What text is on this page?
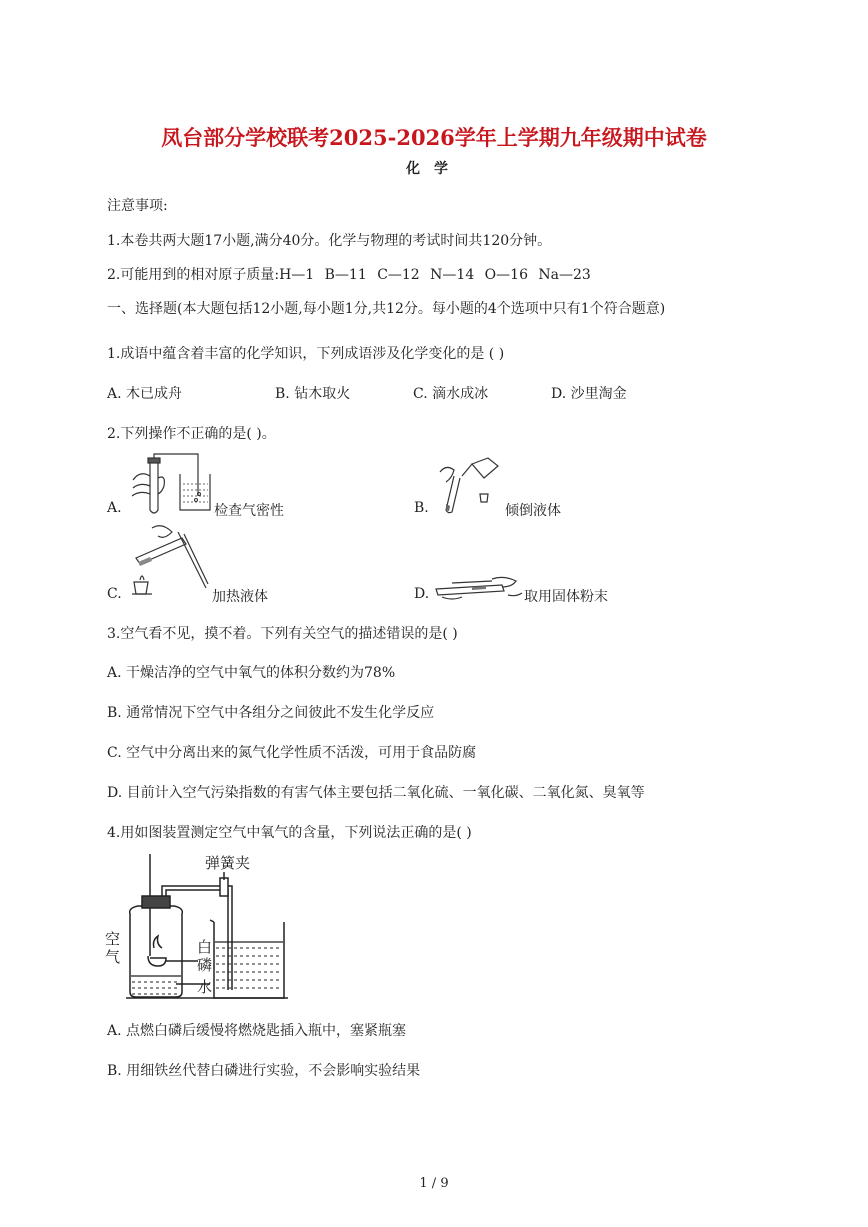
凤台部分学校联考2025-2026学年上学期九年级期中试卷
化学
注意事项:
1.本卷共两大题17小题,满分40分。化学与物理的考试时间共120分钟。
2.可能用到的相对原子质量:H—1 B—11 C—12 N—14 O—16 Na—23
一、选择题(本大题包括12小题,每小题1分,共12分。每小题的4个选项中只有1个符合题意)
1.成语中蕴含着丰富的化学知识，下列成语涉及化学变化的是 ( )
A. 木已成舟	B. 钻木取火	C. 滴水成冰	D. 沙里淘金
2.下列操作不正确的是( )。
A.	检查气密性	B.	倾倒液体
C.	加热液体	D.	取用固体粉末
3.空气看不见，摸不着。下列有关空气的描述错误的是( )
A. 干燥洁净的空气中氧气的体积分数约为78%
B. 通常情况下空气中各组分之间彼此不发生化学反应
C. 空气中分离出来的氮气化学性质不活泼，可用于食品防腐
D. 目前计入空气污染指数的有害气体主要包括二氧化硫、一氧化碳、二氧化氮、臭氧等
4.用如图装置测定空气中氧气的含量，下列说法正确的是( )
弹簧夹
空气
白磷
水
A. 点燃白磷后缓慢将燃烧匙插入瓶中，塞紧瓶塞
B. 用细铁丝代替白磷进行实验，不会影响实验结果
1 / 9
